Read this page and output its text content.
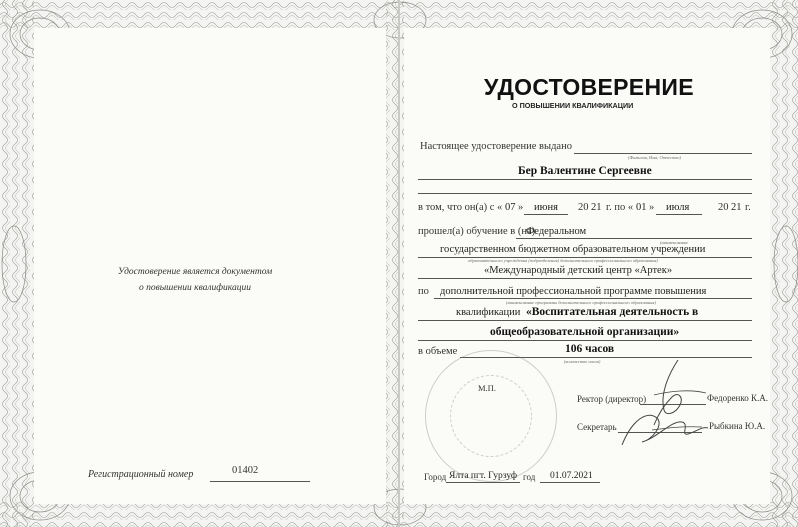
Удостоверение является документом
о повышении квалификации
Регистрационный номер	01402
УДОСТОВЕРЕНИЕ
О ПОВЫШЕНИИ КВАЛИФИКАЦИИ
Настоящее удостоверение выдано
(Фамилия, Имя, Отчество)
Бер Валентине Сергеевне
в том, что он(а) с « 07 » июня 20 21 г. по « 01 » июля	20 21 г.
прошел(а) обучение в (на)
Федеральном
(наименование
государственном бюджетном образовательном учреждении
образовательного учреждения (подразделения) дополнительного профессионального образования)
«Международный детский центр «Артек»
по дополнительной профессиональной программе повышения
(наименование программы дополнительного профессионального образования)
квалификации «Воспитательная деятельность в
общеобразовательной организации»
в объеме	106 часов
(количество часов)
М.П.
Ректор (директор)	Федоренко К.А.
Секретарь	Рыбкина Ю.А.
Город Ялта пгт. Гурзуф год 01.07.2021
